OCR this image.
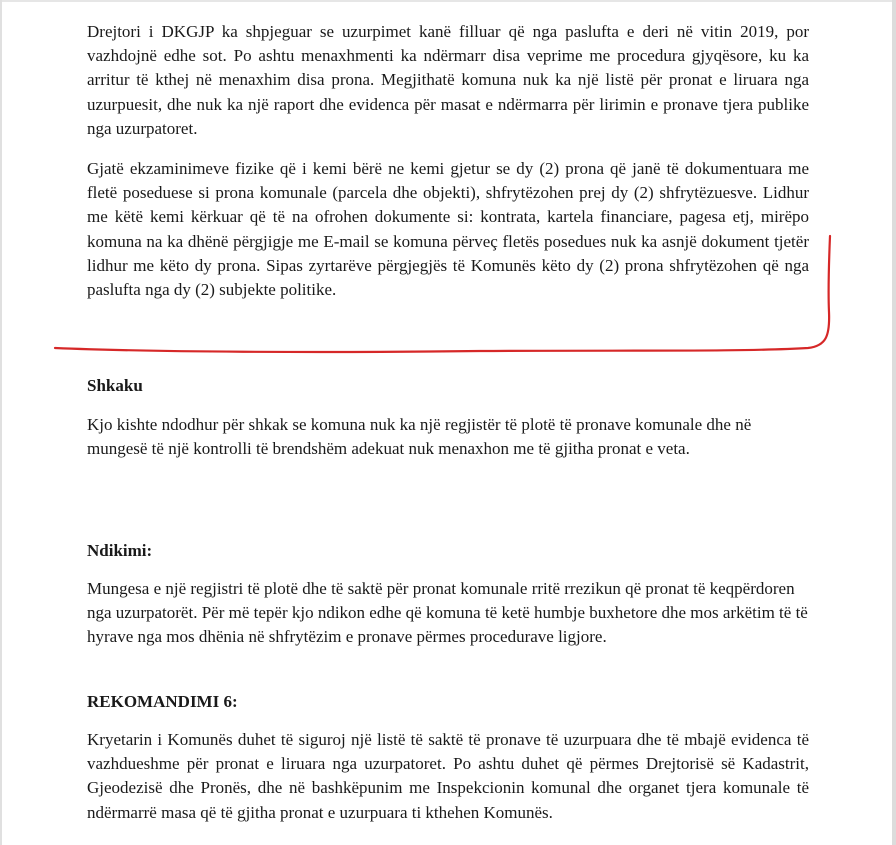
Drejtori i DKGJP ka shpjeguar se uzurpimet kanë filluar që nga paslufta e deri në vitin 2019, por vazhdojnë edhe sot. Po ashtu menaxhmenti ka ndërmarr disa veprime me procedura gjyqësore, ku ka arritur të kthej në menaxhim disa prona. Megjithatë komuna nuk ka një listë për pronat e liruara nga uzurpuesit, dhe nuk ka një raport dhe evidenca për masat e ndërmarra për lirimin e pronave tjera publike nga uzurpatoret.

Gjatë ekzaminimeve fizike që i kemi bërë ne kemi gjetur se dy (2) prona që janë të dokumentuara me fletë poseduese si prona komunale (parcela dhe objekti), shfrytëzohen prej dy (2) shfrytëzuesve. Lidhur me këtë kemi kërkuar që të na ofrohen dokumente si: kontrata, kartela financiare, pagesa etj, mirëpo komuna na ka dhënë përgjigje me E-mail se komuna përveç fletës posedues nuk ka asnjë dokument tjetër lidhur me këto dy prona. Sipas zyrtarëve përgjegjës të Komunës këto dy (2) prona shfrytëzohen që nga paslufta nga dy (2) subjekte politike.

Shkaku

Kjo kishte ndodhur për shkak se komuna nuk ka një regjistër të plotë të pronave komunale dhe në mungesë të një kontrolli të brendshëm adekuat nuk menaxhon me të gjitha pronat e veta.

Ndikimi:

Mungesa e një regjistri të plotë dhe të saktë për pronat komunale rritë rrezikun që pronat të keqpërdoren nga uzurpatorët. Për më tepër kjo ndikon edhe që komuna të ketë humbje buxhetore dhe mos arkëtim të të hyrave nga mos dhënia në shfrytëzim e pronave përmes procedurave ligjore.

REKOMANDIMI 6:

Kryetarin i Komunës duhet të siguroj një listë të saktë të pronave të uzurpuara dhe të mbajë evidenca të vazhdueshme për pronat e liruara nga uzurpatoret. Po ashtu duhet që përmes Drejtorisë së Kadastrit, Gjeodezisë dhe Pronës, dhe në bashkëpunim me Inspekcionin komunal dhe organet tjera komunale të ndërmarrë masa që të gjitha pronat e uzurpuara ti kthehen Komunës.
